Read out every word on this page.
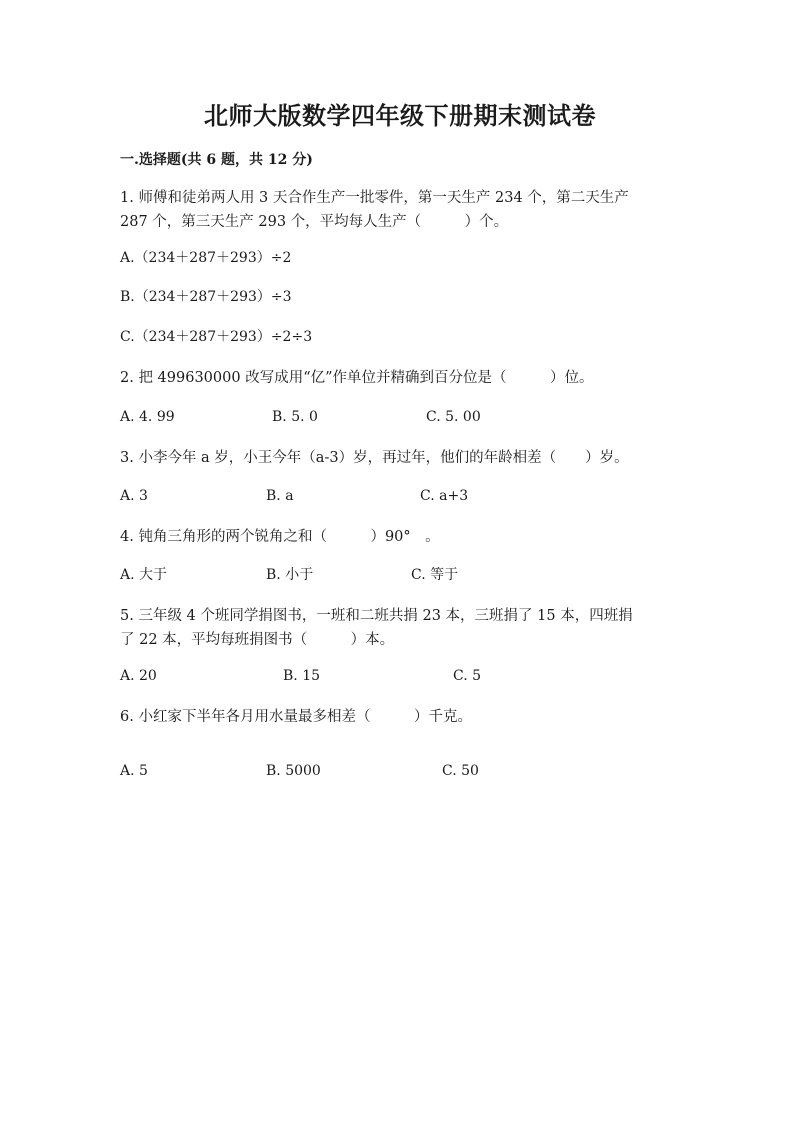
北师大版数学四年级下册期末测试卷
一.选择题(共 6 题，共 12 分)
1. 师傅和徒弟两人用 3 天合作生产一批零件，第一天生产 234 个，第二天生产
287 个，第三天生产 293 个，平均每人生产（　　　）个。
A.（234＋287＋293）÷2
B.（234＋287＋293）÷3
C.（234＋287＋293）÷2÷3
2. 把 499630000 改写成用“亿”作单位并精确到百分位是（　　　）位。
A. 4. 99	B. 5. 0	C. 5. 00
3. 小李今年 a 岁，小王今年（a-3）岁，再过年，他们的年龄相差（　　）岁。
A. 3	B. a	C. a+3
4. 钝角三角形的两个锐角之和（　　　）90°　。
A. 大于	B. 小于	C. 等于
5. 三年级 4 个班同学捐图书，一班和二班共捐 23 本，三班捐了 15 本，四班捐
了 22 本，平均每班捐图书（　　　）本。
A. 20	B. 15	C. 5
6. 小红家下半年各月用水量最多相差（　　　）千克。
A. 5	B. 5000	C. 50
